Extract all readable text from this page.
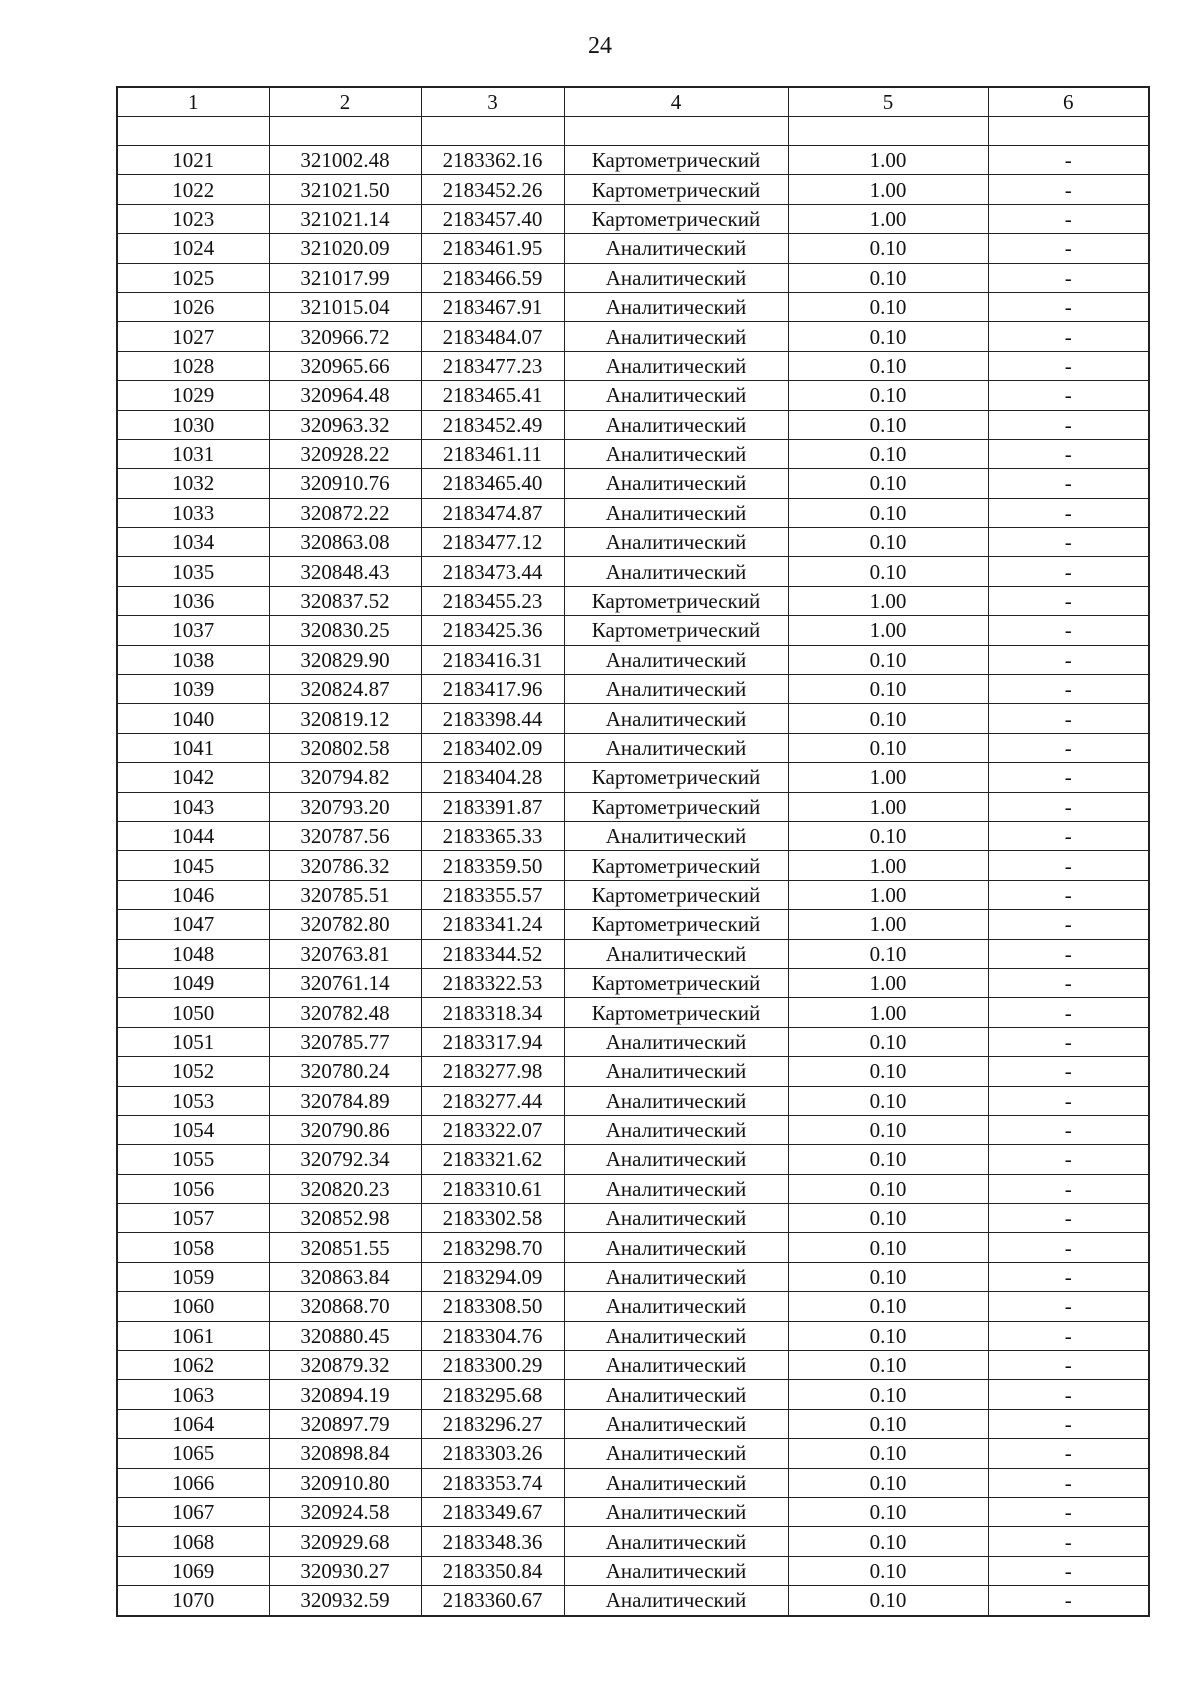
24
1	2	3	4	5	6

1021	321002.48	2183362.16	Картометрический	1.00	-
1022	321021.50	2183452.26	Картометрический	1.00	-
1023	321021.14	2183457.40	Картометрический	1.00	-
1024	321020.09	2183461.95	Аналитический	0.10	-
1025	321017.99	2183466.59	Аналитический	0.10	-
1026	321015.04	2183467.91	Аналитический	0.10	-
1027	320966.72	2183484.07	Аналитический	0.10	-
1028	320965.66	2183477.23	Аналитический	0.10	-
1029	320964.48	2183465.41	Аналитический	0.10	-
1030	320963.32	2183452.49	Аналитический	0.10	-
1031	320928.22	2183461.11	Аналитический	0.10	-
1032	320910.76	2183465.40	Аналитический	0.10	-
1033	320872.22	2183474.87	Аналитический	0.10	-
1034	320863.08	2183477.12	Аналитический	0.10	-
1035	320848.43	2183473.44	Аналитический	0.10	-
1036	320837.52	2183455.23	Картометрический	1.00	-
1037	320830.25	2183425.36	Картометрический	1.00	-
1038	320829.90	2183416.31	Аналитический	0.10	-
1039	320824.87	2183417.96	Аналитический	0.10	-
1040	320819.12	2183398.44	Аналитический	0.10	-
1041	320802.58	2183402.09	Аналитический	0.10	-
1042	320794.82	2183404.28	Картометрический	1.00	-
1043	320793.20	2183391.87	Картометрический	1.00	-
1044	320787.56	2183365.33	Аналитический	0.10	-
1045	320786.32	2183359.50	Картометрический	1.00	-
1046	320785.51	2183355.57	Картометрический	1.00	-
1047	320782.80	2183341.24	Картометрический	1.00	-
1048	320763.81	2183344.52	Аналитический	0.10	-
1049	320761.14	2183322.53	Картометрический	1.00	-
1050	320782.48	2183318.34	Картометрический	1.00	-
1051	320785.77	2183317.94	Аналитический	0.10	-
1052	320780.24	2183277.98	Аналитический	0.10	-
1053	320784.89	2183277.44	Аналитический	0.10	-
1054	320790.86	2183322.07	Аналитический	0.10	-
1055	320792.34	2183321.62	Аналитический	0.10	-
1056	320820.23	2183310.61	Аналитический	0.10	-
1057	320852.98	2183302.58	Аналитический	0.10	-
1058	320851.55	2183298.70	Аналитический	0.10	-
1059	320863.84	2183294.09	Аналитический	0.10	-
1060	320868.70	2183308.50	Аналитический	0.10	-
1061	320880.45	2183304.76	Аналитический	0.10	-
1062	320879.32	2183300.29	Аналитический	0.10	-
1063	320894.19	2183295.68	Аналитический	0.10	-
1064	320897.79	2183296.27	Аналитический	0.10	-
1065	320898.84	2183303.26	Аналитический	0.10	-
1066	320910.80	2183353.74	Аналитический	0.10	-
1067	320924.58	2183349.67	Аналитический	0.10	-
1068	320929.68	2183348.36	Аналитический	0.10	-
1069	320930.27	2183350.84	Аналитический	0.10	-
1070	320932.59	2183360.67	Аналитический	0.10	-
